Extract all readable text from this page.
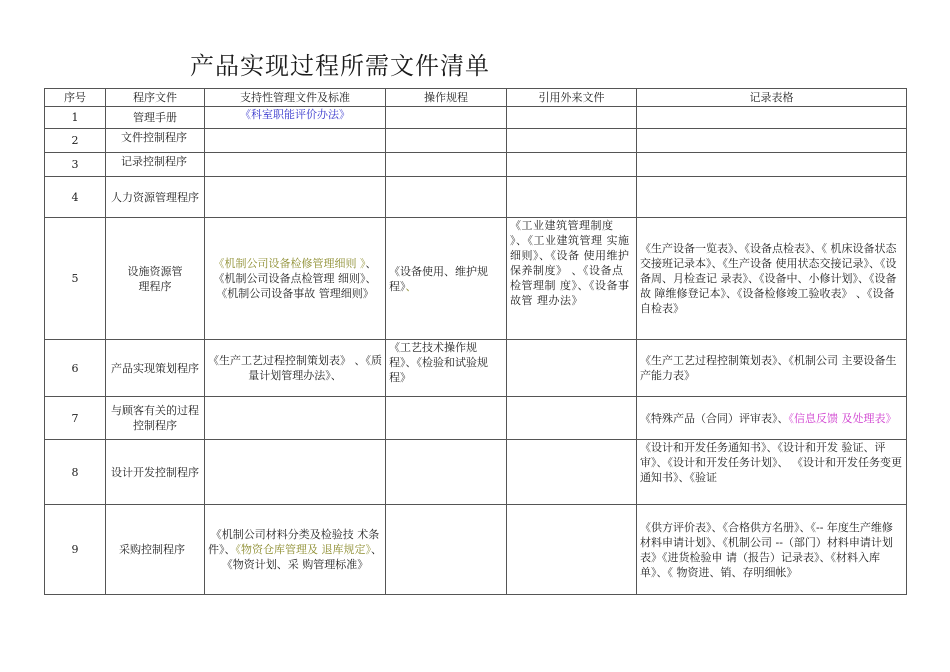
产品实现过程所需文件清单
序号	程序文件	支持性管理文件及标准	操作规程	引用外来文件	记录表格
1	管理手册	《科室职能评价办法》			
2	文件控制程序				

3	记录控制程序				

4	人力资源管理程序				
5	设施资源管 理程序	《机制公司设备检修管理细则 》、《机制公司设备点检管理 细则》、《机制公司设备事故 管理细则》	《设备使用、维护规程》、	《工业建筑管理制度 》、《工业建筑管理 实施细则》、《设备 使用维护保养制度》 、《设备点检管理制 度》、《设备事故管 理办法》	《生产设备一览表》、《设备点检表》、《 机床设备状态交接班记录本》、《生产设备 使用状态交接记录》、《设备周、月检查记 录表》、《设备中、小修计划》、《设备故 障维修登记本》、《设备检修竣工验收表》 、《设备自检表》
6	产品实现策划程序	《生产工艺过程控制策划表》 、《质量计划管理办法》、	《工艺技术操作规程》、《检验和试验规程》		《生产工艺过程控制策划表》、《机制公司 主要设备生产能力表》
7	与顾客有关的过程控制程序				《特殊产品（合同）评审表》、《信息反馈 及处理表》

8	设计开发控制程序				《设计和开发任务通知书》、《设计和开发 验证、评审》、《设计和开发任务计划》、 《设计和开发任务变更通知书》、《验证

9	采购控制程序	《机制公司材料分类及检验技 术条件》、《物资仓库管理及 退库规定》、《物资计划、采 购管理标准》			《供方评价表》、《合格供方名册》、《-- 年度生产维修材料申请计划》、《机制公司 --（部门）材料申请计划表》《进货检验申 请（报告）记录表》、《材料入库单》、《 物资进、销、存明细帐》
